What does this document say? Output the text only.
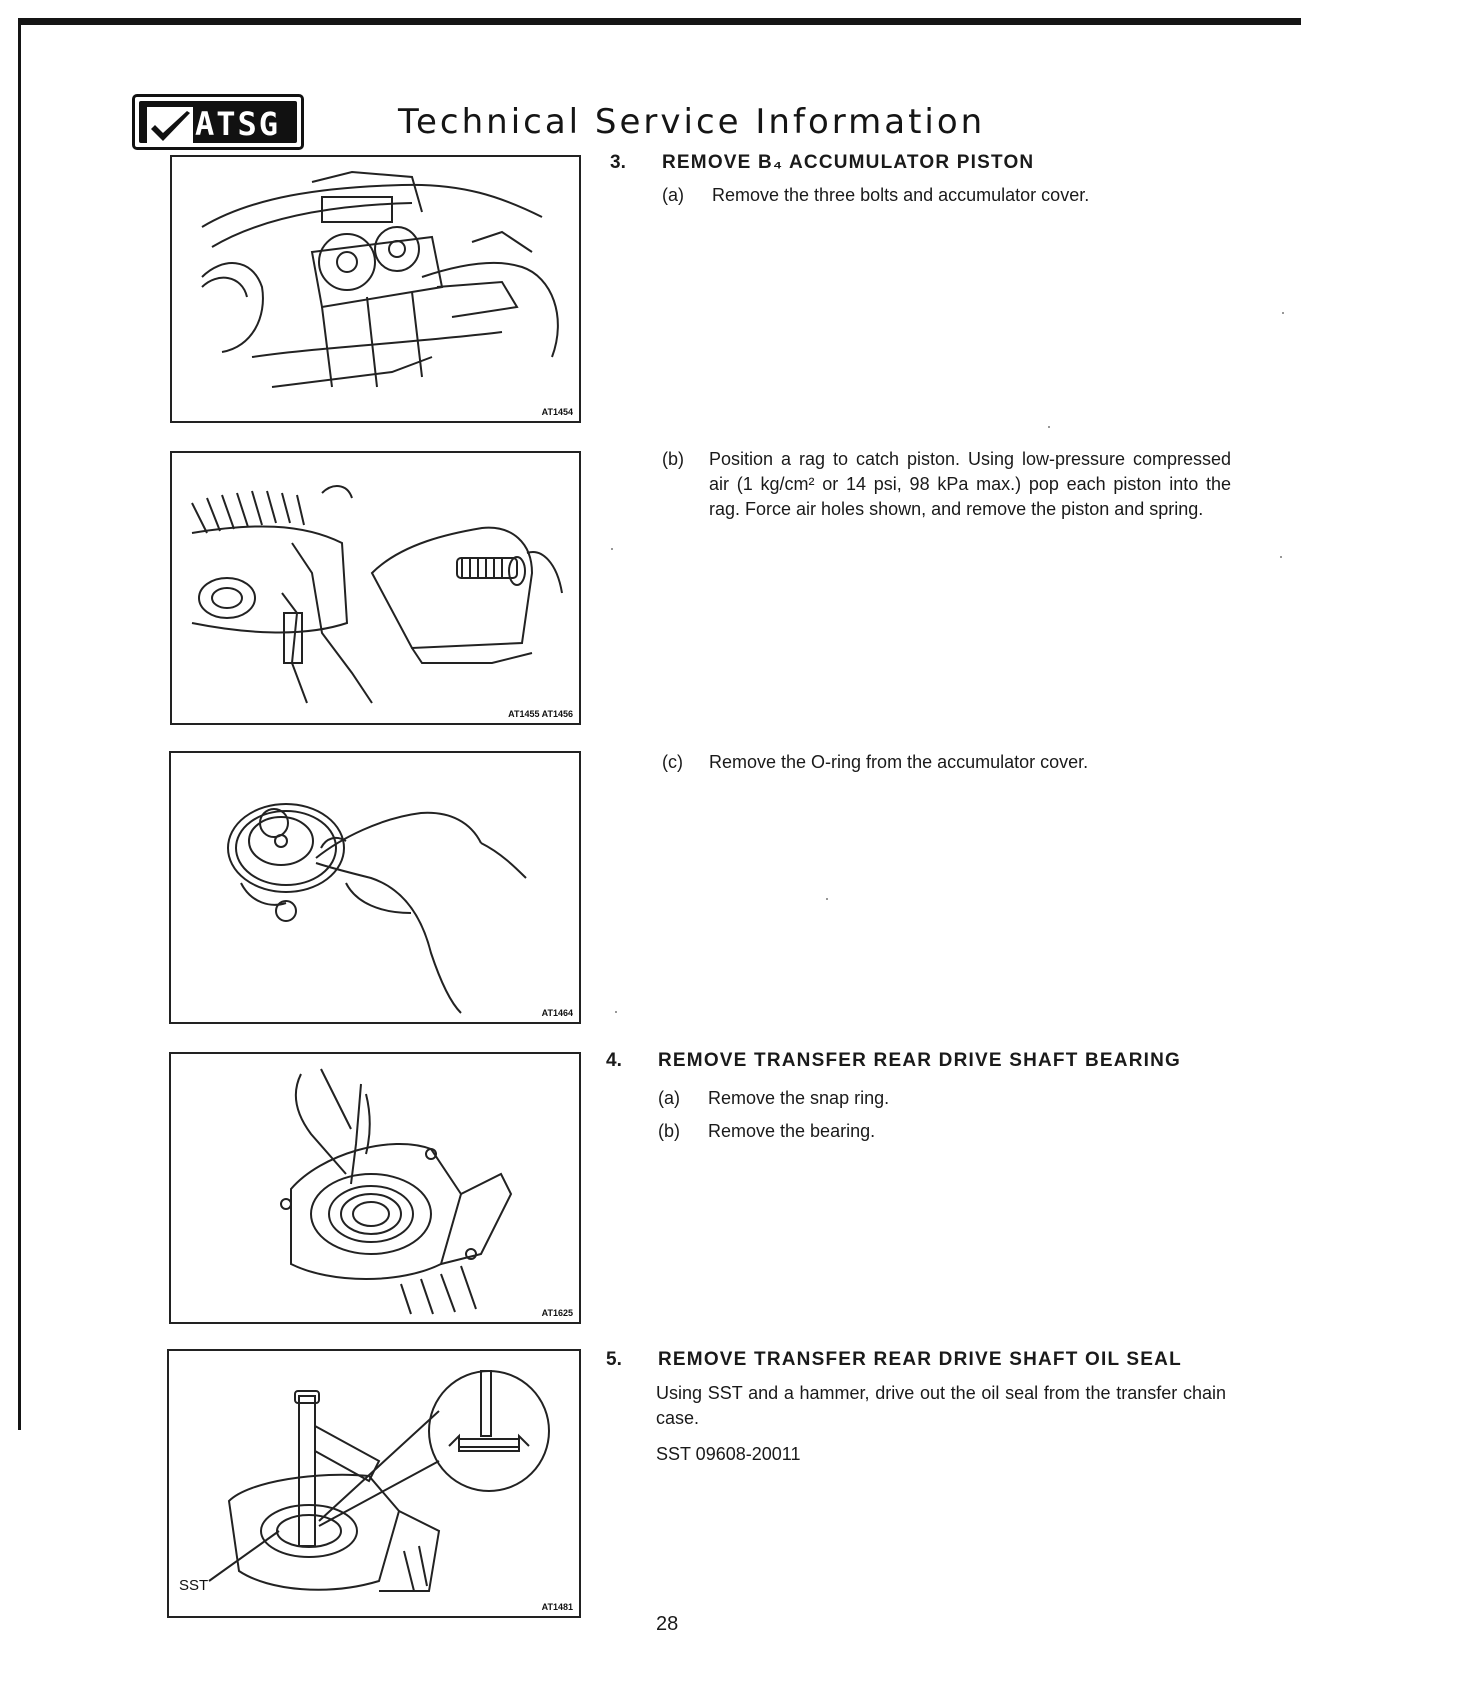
ATSG	Technical Service Information
AT1454
AT1455 AT1456
AT1464
AT1625
SST
AT1481
3. REMOVE B₄ ACCUMULATOR PISTON
(a) Remove the three bolts and accumulator cover.
(b) Position a rag to catch piston. Using low-pressure compressed air (1 kg/cm² or 14 psi, 98 kPa max.) pop each piston into the rag. Force air holes shown, and remove the piston and spring.
(c) Remove the O-ring from the accumulator cover.
4. REMOVE TRANSFER REAR DRIVE SHAFT BEARING
(a) Remove the snap ring.
(b) Remove the bearing.
5. REMOVE TRANSFER REAR DRIVE SHAFT OIL SEAL
Using SST and a hammer, drive out the oil seal from the transfer chain case.
SST 09608-20011
28
